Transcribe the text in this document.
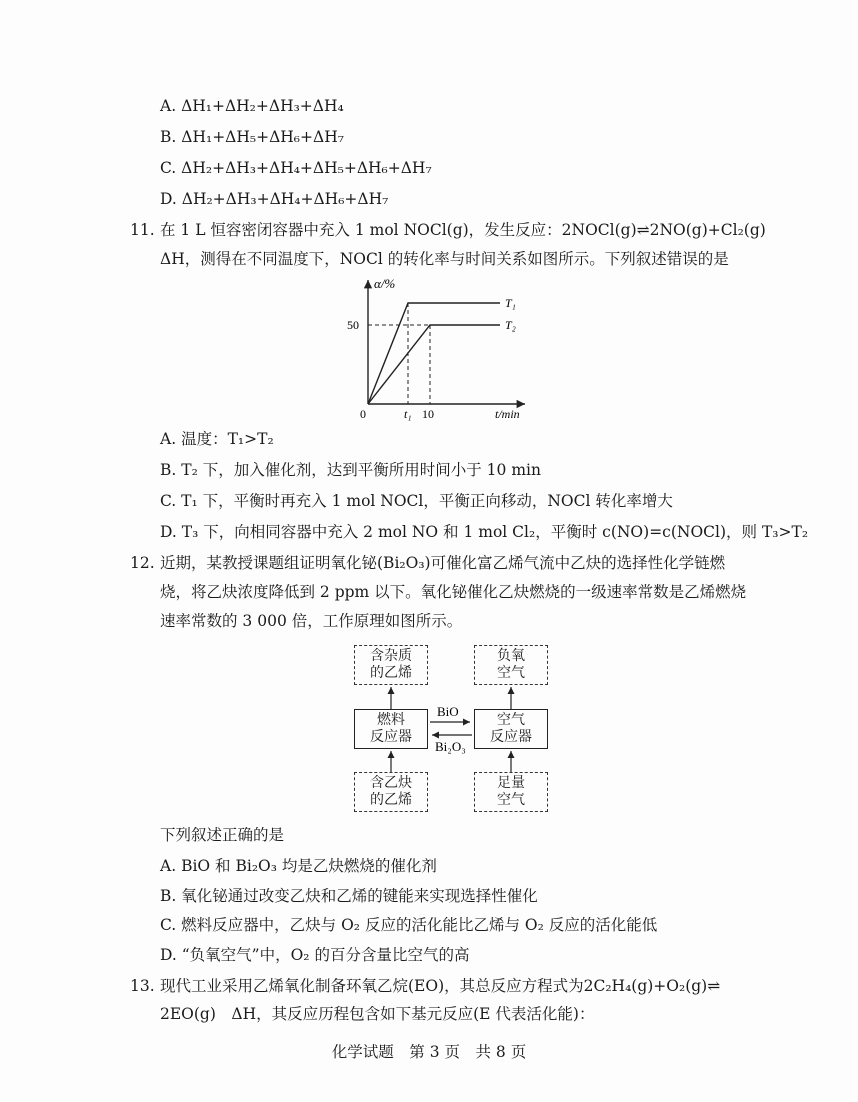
A. ΔH₁+ΔH₂+ΔH₃+ΔH₄
B. ΔH₁+ΔH₅+ΔH₆+ΔH₇
C. ΔH₂+ΔH₃+ΔH₄+ΔH₅+ΔH₆+ΔH₇
D. ΔH₂+ΔH₃+ΔH₄+ΔH₆+ΔH₇
11. 在 1 L 恒容密闭容器中充入 1 mol NOCl(g)，发生反应：2NOCl(g)⇌2NO(g)+Cl₂(g)
ΔH，测得在不同温度下，NOCl 的转化率与时间关系如图所示。下列叙述错误的是
α/%
T₁
T₂
50
0	t₁ 10	t/min
A. 温度：T₁>T₂
B. T₂ 下，加入催化剂，达到平衡所用时间小于 10 min
C. T₁ 下，平衡时再充入 1 mol NOCl，平衡正向移动，NOCl 转化率增大
D. T₃ 下，向相同容器中充入 2 mol NO 和 1 mol Cl₂，平衡时 c(NO)=c(NOCl)，则 T₃>T₂
12. 近期，某教授课题组证明氧化铋(Bi₂O₃)可催化富乙烯气流中乙炔的选择性化学链燃
烧，将乙炔浓度降低到 2 ppm 以下。氧化铋催化乙炔燃烧的一级速率常数是乙烯燃烧
速率常数的 3 000 倍，工作原理如图所示。
含杂质
的乙烯
负氧
空气
燃料
反应器
空气
反应器
含乙炔
的乙烯
足量
空气
BiO
Bi₂O₃
下列叙述正确的是
A. BiO 和 Bi₂O₃ 均是乙炔燃烧的催化剂
B. 氧化铋通过改变乙炔和乙烯的键能来实现选择性催化
C. 燃料反应器中，乙炔与 O₂ 反应的活化能比乙烯与 O₂ 反应的活化能低
D. “负氧空气”中，O₂ 的百分含量比空气的高
13. 现代工业采用乙烯氧化制备环氧乙烷(EO)，其总反应方程式为2C₂H₄(g)+O₂(g)⇌
2EO(g)　ΔH，其反应历程包含如下基元反应(E 代表活化能)：
化学试题　第 3 页　共 8 页
